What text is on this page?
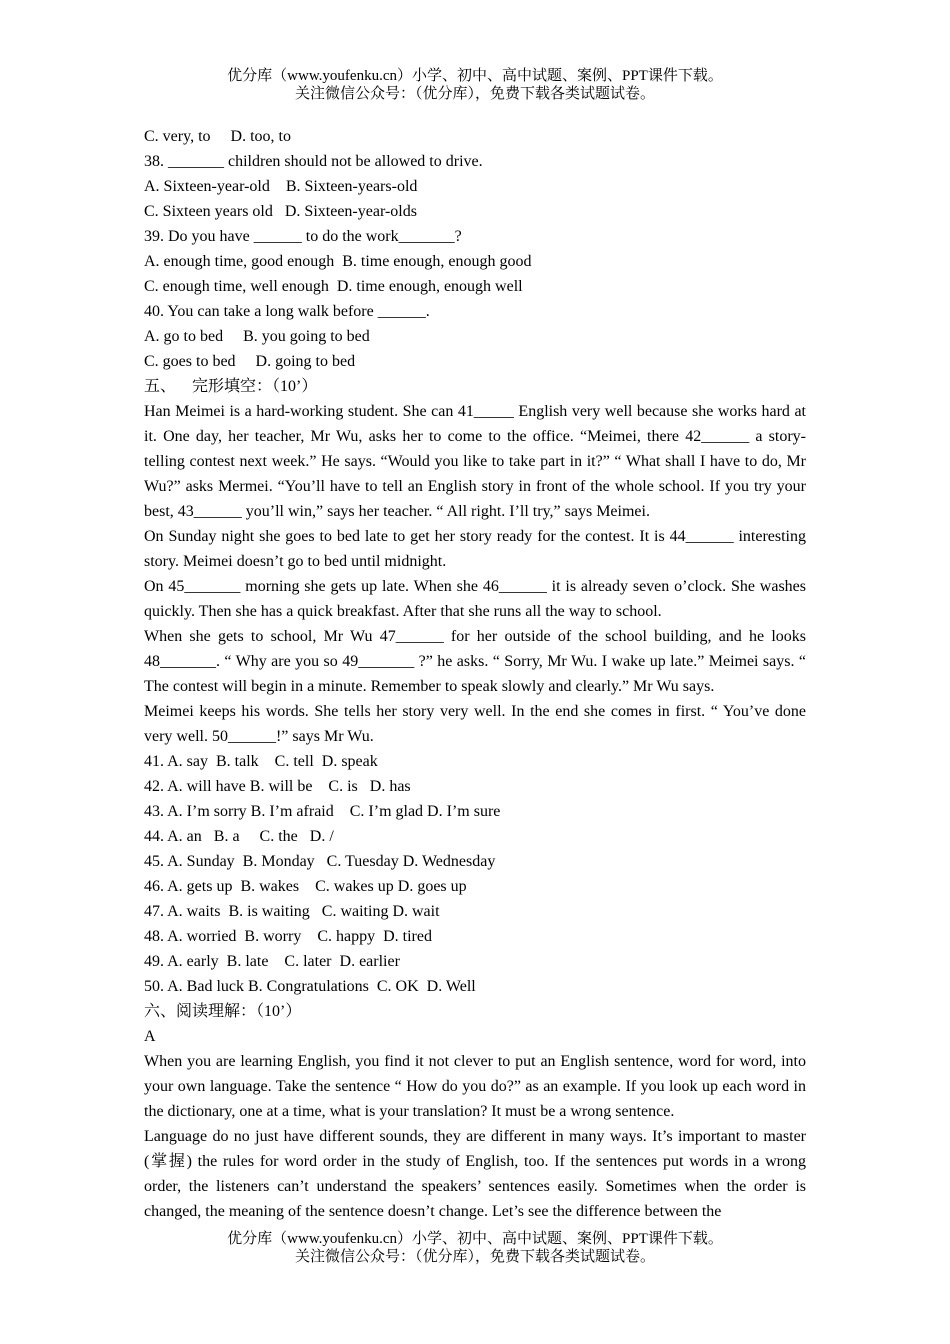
优分库（www.youfenku.cn）小学、初中、高中试题、案例、PPT课件下载。
关注微信公众号：（优分库），免费下载各类试题试卷。
C. very, to     D. too, to
38. _______ children should not be allowed to drive.
A. Sixteen-year-old    B. Sixteen-years-old
C. Sixteen years old   D. Sixteen-year-olds
39. Do you have ______ to do the work_______?
A. enough time, good enough  B. time enough, enough good
C. enough time, well enough  D. time enough, enough well
40. You can take a long walk before ______.
A. go to bed     B. you going to bed
C. goes to bed     D. going to bed
五、    完形填空：（10’）
Han Meimei is a hard-working student. She can 41_____ English very well because she works hard at it. One day, her teacher, Mr Wu, asks her to come to the office. “Meimei, there 42______ a story-telling contest next week.” He says. “Would you like to take part in it?” “ What shall I have to do, Mr Wu?” asks Mermei. “You’ll have to tell an English story in front of the whole school. If you try your best, 43______ you’ll win,” says her teacher. “ All right. I’ll try,” says Meimei.
On Sunday night she goes to bed late to get her story ready for the contest. It is 44______ interesting story. Meimei doesn’t go to bed until midnight.
On 45_______ morning she gets up late. When she 46______ it is already seven o’clock. She washes quickly. Then she has a quick breakfast. After that she runs all the way to school.
When she gets to school, Mr Wu 47______ for her outside of the school building, and he looks 48_______. “ Why are you so 49_______ ?” he asks. “ Sorry, Mr Wu. I wake up late.” Meimei says. “ The contest will begin in a minute. Remember to speak slowly and clearly.” Mr Wu says.
Meimei keeps his words. She tells her story very well. In the end she comes in first. “ You’ve done very well. 50______!” says Mr Wu.
41. A. say  B. talk    C. tell  D. speak
42. A. will have B. will be    C. is   D. has
43. A. I’m sorry B. I’m afraid    C. I’m glad D. I’m sure
44. A. an   B. a     C. the   D. /
45. A. Sunday  B. Monday   C. Tuesday D. Wednesday
46. A. gets up  B. wakes    C. wakes up D. goes up
47. A. waits  B. is waiting   C. waiting D. wait
48. A. worried  B. worry    C. happy  D. tired
49. A. early  B. late    C. later  D. earlier
50. A. Bad luck B. Congratulations  C. OK  D. Well
六、阅读理解：（10’）
A
When you are learning English, you find it not clever to put an English sentence, word for word, into your own language. Take the sentence “ How do you do?” as an example. If you look up each word in the dictionary, one at a time, what is your translation? It must be a wrong sentence.
Language do no just have different sounds, they are different in many ways. It’s important to master (掌握) the rules for word order in the study of English, too. If the sentences put words in a wrong order, the listeners can’t understand the speakers’ sentences easily. Sometimes when the order is changed, the meaning of the sentence doesn’t change. Let’s see the difference between the
优分库（www.youfenku.cn）小学、初中、高中试题、案例、PPT课件下载。
关注微信公众号：（优分库），免费下载各类试题试卷。
